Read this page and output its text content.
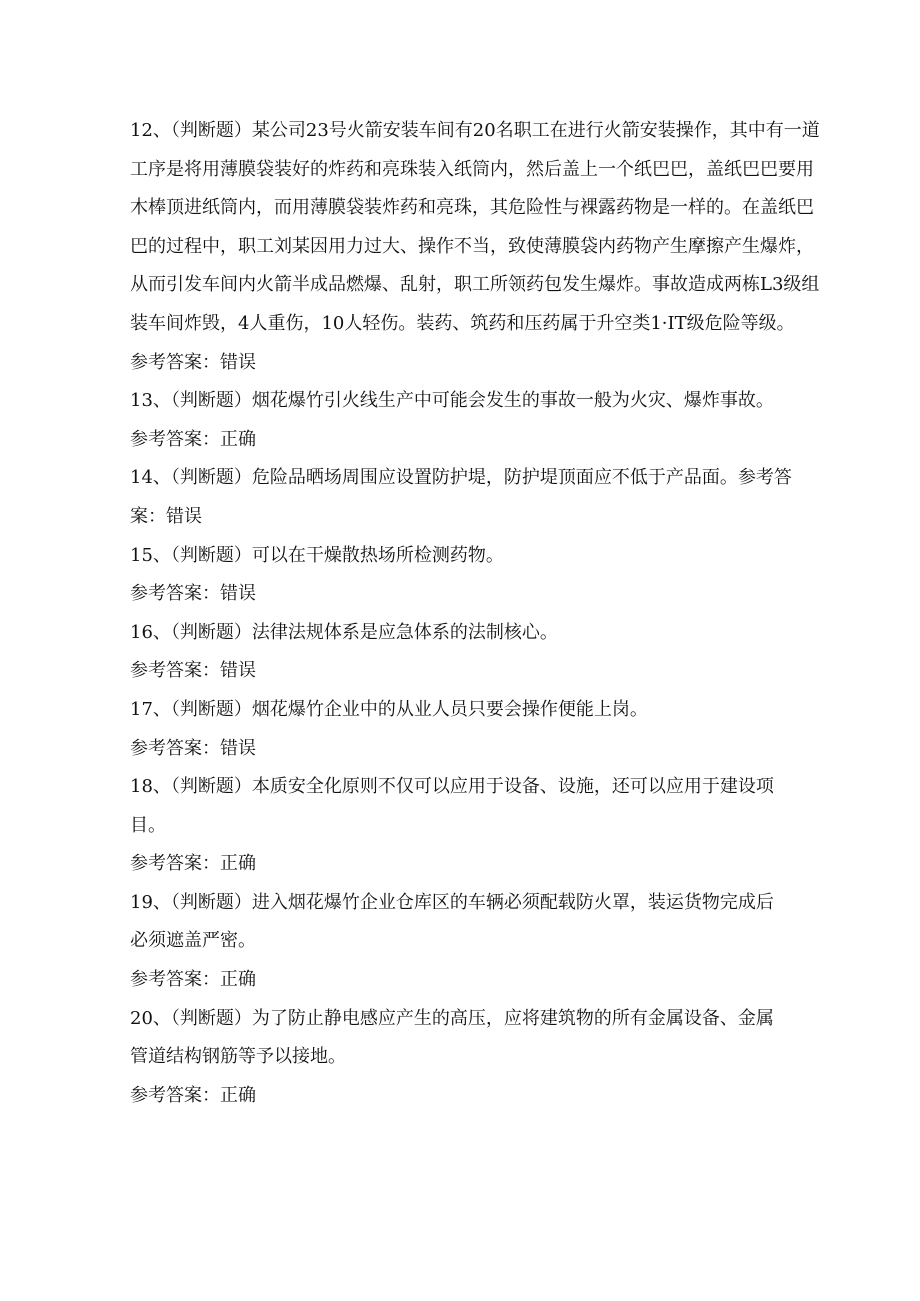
12、（判断题）某公司23号火箭安装车间有20名职工在进行火箭安装操作，其中有一道工序是将用薄膜袋装好的炸药和亮珠装入纸筒内，然后盖上一个纸巴巴，盖纸巴巴要用木棒顶进纸筒内，而用薄膜袋装炸药和亮珠，其危险性与裸露药物是一样的。在盖纸巴巴的过程中，职工刘某因用力过大、操作不当，致使薄膜袋内药物产生摩擦产生爆炸，从而引发车间内火箭半成品燃爆、乱射，职工所领药包发生爆炸。事故造成两栋L3级组装车间炸毁，4人重伤，10人轻伤。装药、筑药和压药属于升空类1·IT级危险等级。

参考答案：错误

13、（判断题）烟花爆竹引火线生产中可能会发生的事故一般为火灾、爆炸事故。

参考答案：正确

14、（判断题）危险品晒场周围应设置防护堤，防护堤顶面应不低于产品面。参考答案：错误

15、（判断题）可以在干燥散热场所检测药物。

参考答案：错误

16、（判断题）法律法规体系是应急体系的法制核心。

参考答案：错误

17、（判断题）烟花爆竹企业中的从业人员只要会操作便能上岗。

参考答案：错误

18、（判断题）本质安全化原则不仅可以应用于设备、设施，还可以应用于建设项目。

参考答案：正确

19、（判断题）进入烟花爆竹企业仓库区的车辆必须配载防火罩，装运货物完成后必须遮盖严密。

参考答案：正确

20、（判断题）为了防止静电感应产生的高压，应将建筑物的所有金属设备、金属管道结构钢筋等予以接地。

参考答案：正确
